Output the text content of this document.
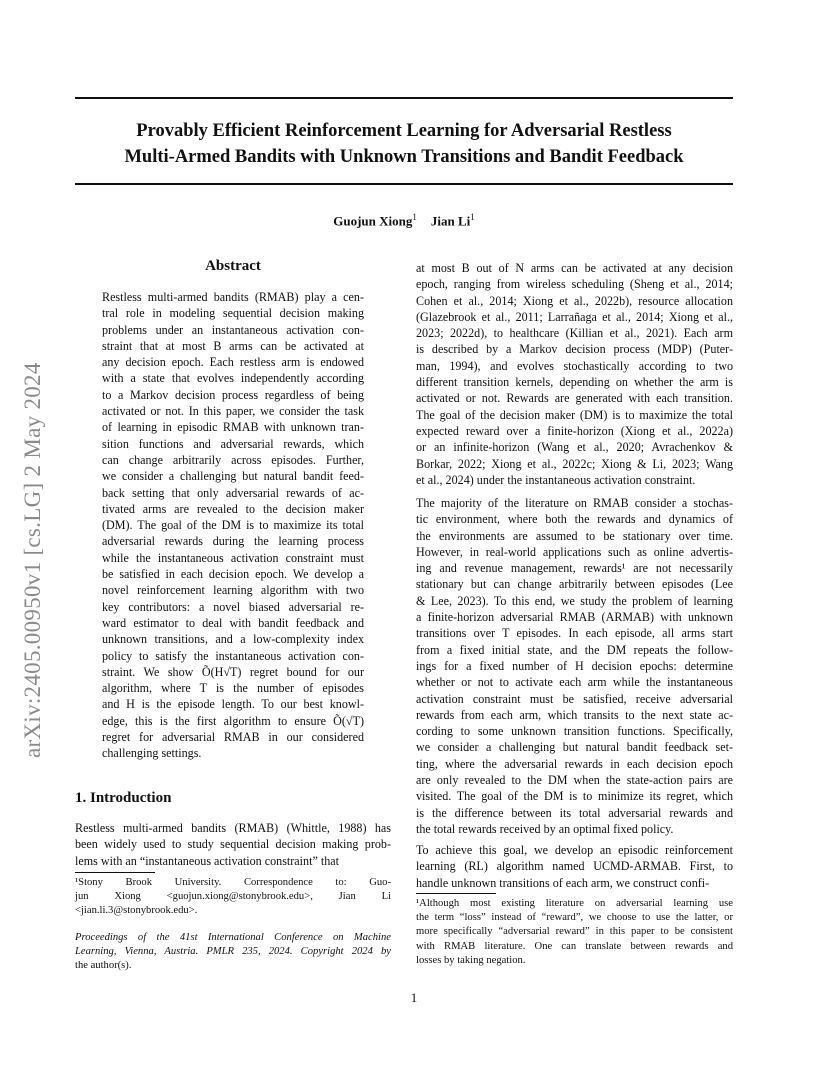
Provably Efficient Reinforcement Learning for Adversarial Restless
Multi-Armed Bandits with Unknown Transitions and Bandit Feedback
Guojun Xiong$^1$ Jian Li$^1$
arXiv:2405.00950v1 [cs.LG] 2 May 2024
Abstract
Restless multi-armed bandits (RMAB) play a cen-
tral role in modeling sequential decision making
problems under an instantaneous activation con-
straint that at most B arms can be activated at
any decision epoch. Each restless arm is endowed
with a state that evolves independently according
to a Markov decision process regardless of being
activated or not. In this paper, we consider the task
of learning in episodic RMAB with unknown tran-
sition functions and adversarial rewards, which
can change arbitrarily across episodes. Further,
we consider a challenging but natural bandit feed-
back setting that only adversarial rewards of ac-
tivated arms are revealed to the decision maker
(DM). The goal of the DM is to maximize its total
adversarial rewards during the learning process
while the instantaneous activation constraint must
be satisfied in each decision epoch. We develop a
novel reinforcement learning algorithm with two
key contributors: a novel biased adversarial re-
ward estimator to deal with bandit feedback and
unknown transitions, and a low-complexity index
policy to satisfy the instantaneous activation con-
straint. We show Õ(H√T) regret bound for our
algorithm, where T is the number of episodes
and H is the episode length. To our best knowl-
edge, this is the first algorithm to ensure Õ(√T)
regret for adversarial RMAB in our considered
challenging settings.
1. Introduction
Restless multi-armed bandits (RMAB) (Whittle, 1988) has
been widely used to study sequential decision making prob-
lems with an “instantaneous activation constraint” that
¹Stony Brook University. Correspondence to: Guo-
jun Xiong <guojun.xiong@stonybrook.edu>, Jian Li
<jian.li.3@stonybrook.edu>.
Proceedings of the 41st International Conference on Machine
Learning, Vienna, Austria. PMLR 235, 2024. Copyright 2024 by
the author(s).
at most B out of N arms can be activated at any decision
epoch, ranging from wireless scheduling (Sheng et al., 2014;
Cohen et al., 2014; Xiong et al., 2022b), resource allocation
(Glazebrook et al., 2011; Larrañaga et al., 2014; Xiong et al.,
2023; 2022d), to healthcare (Killian et al., 2021). Each arm
is described by a Markov decision process (MDP) (Puter-
man, 1994), and evolves stochastically according to two
different transition kernels, depending on whether the arm is
activated or not. Rewards are generated with each transition.
The goal of the decision maker (DM) is to maximize the total
expected reward over a finite-horizon (Xiong et al., 2022a)
or an infinite-horizon (Wang et al., 2020; Avrachenkov &
Borkar, 2022; Xiong et al., 2022c; Xiong & Li, 2023; Wang
et al., 2024) under the instantaneous activation constraint.
The majority of the literature on RMAB consider a stochas-
tic environment, where both the rewards and dynamics of
the environments are assumed to be stationary over time.
However, in real-world applications such as online advertis-
ing and revenue management, rewards¹ are not necessarily
stationary but can change arbitrarily between episodes (Lee
& Lee, 2023). To this end, we study the problem of learning
a finite-horizon adversarial RMAB (ARMAB) with unknown
transitions over T episodes. In each episode, all arms start
from a fixed initial state, and the DM repeats the follow-
ings for a fixed number of H decision epochs: determine
whether or not to activate each arm while the instantaneous
activation constraint must be satisfied, receive adversarial
rewards from each arm, which transits to the next state ac-
cording to some unknown transition functions. Specifically,
we consider a challenging but natural bandit feedback set-
ting, where the adversarial rewards in each decision epoch
are only revealed to the DM when the state-action pairs are
visited. The goal of the DM is to minimize its regret, which
is the difference between its total adversarial rewards and
the total rewards received by an optimal fixed policy.
To achieve this goal, we develop an episodic reinforcement
learning (RL) algorithm named UCMD-ARMAB. First, to
handle unknown transitions of each arm, we construct confi-
¹Although most existing literature on adversarial learning use
the term “loss” instead of “reward”, we choose to use the latter, or
more specifically “adversarial reward” in this paper to be consistent
with RMAB literature. One can translate between rewards and
losses by taking negation.
1
